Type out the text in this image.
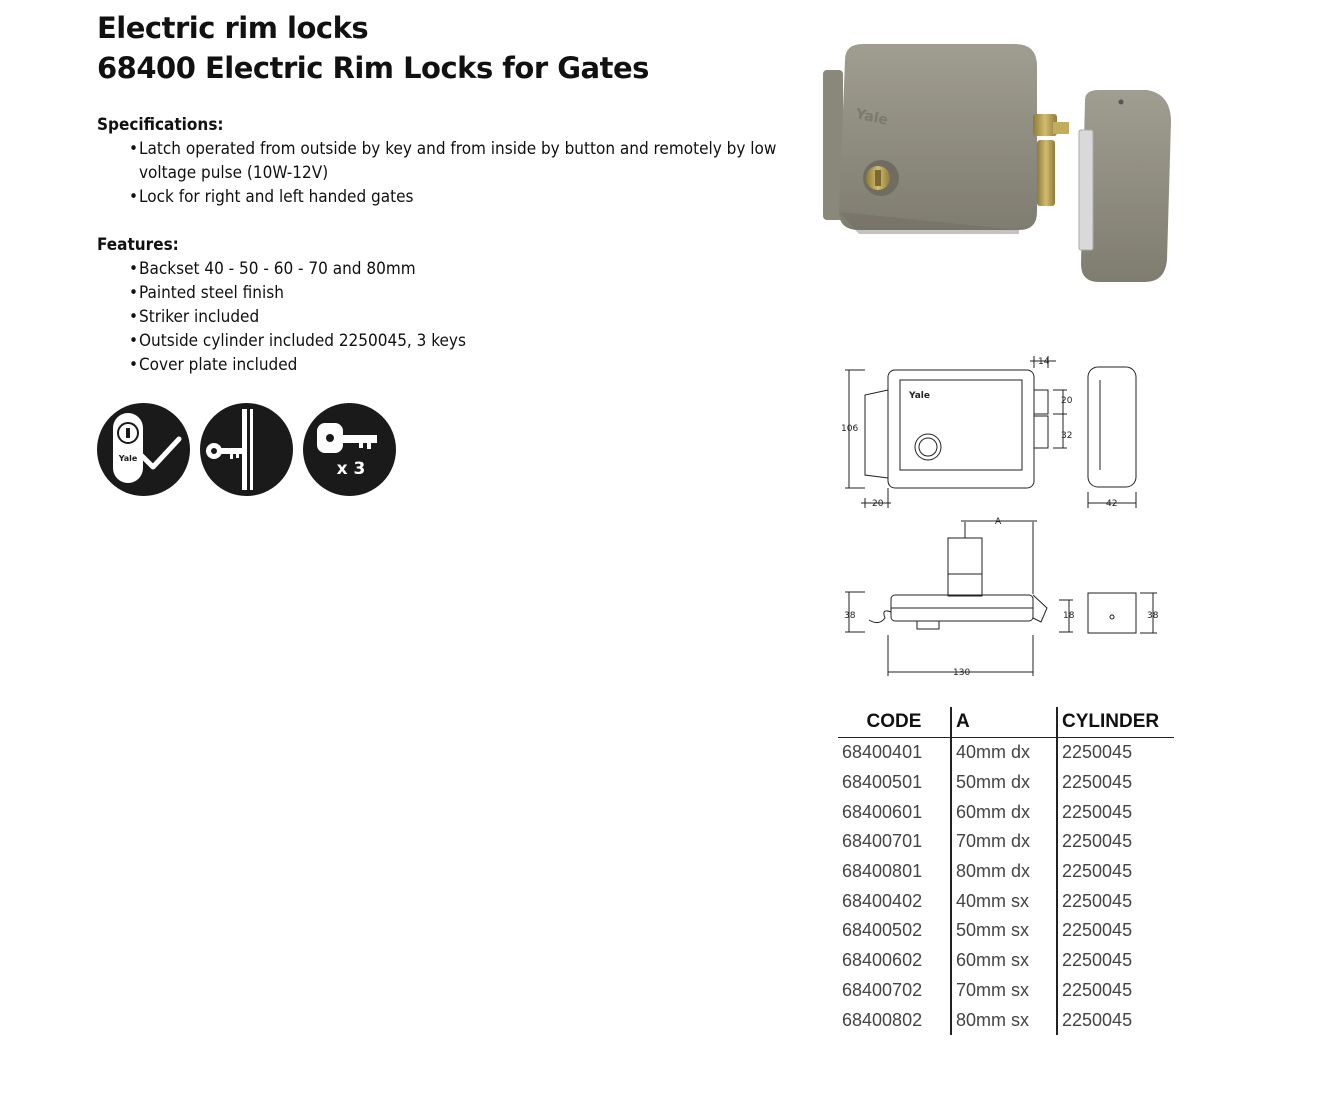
Electric rim locks
68400 Electric Rim Locks for Gates
Specifications:
• Latch operated from outside by key and from inside by button and remotely by low voltage pulse (10W-12V)
• Lock for right and left handed gates
Features:
• Backset 40 - 50 - 60 - 70 and 80mm
• Painted steel finish
• Striker included
• Outside cylinder included 2250045, 3 keys
• Cover plate included
Yale
x 3
Yale
Yale
14
20
32
106
20	42
A
38	18	38
130
CODE	A	CYLINDER
68400401	40mm dx	2250045
68400501	50mm dx	2250045
68400601	60mm dx	2250045
68400701	70mm dx	2250045
68400801	80mm dx	2250045
68400402	40mm sx	2250045
68400502	50mm sx	2250045
68400602	60mm sx	2250045
68400702	70mm sx	2250045
68400802	80mm sx	2250045
